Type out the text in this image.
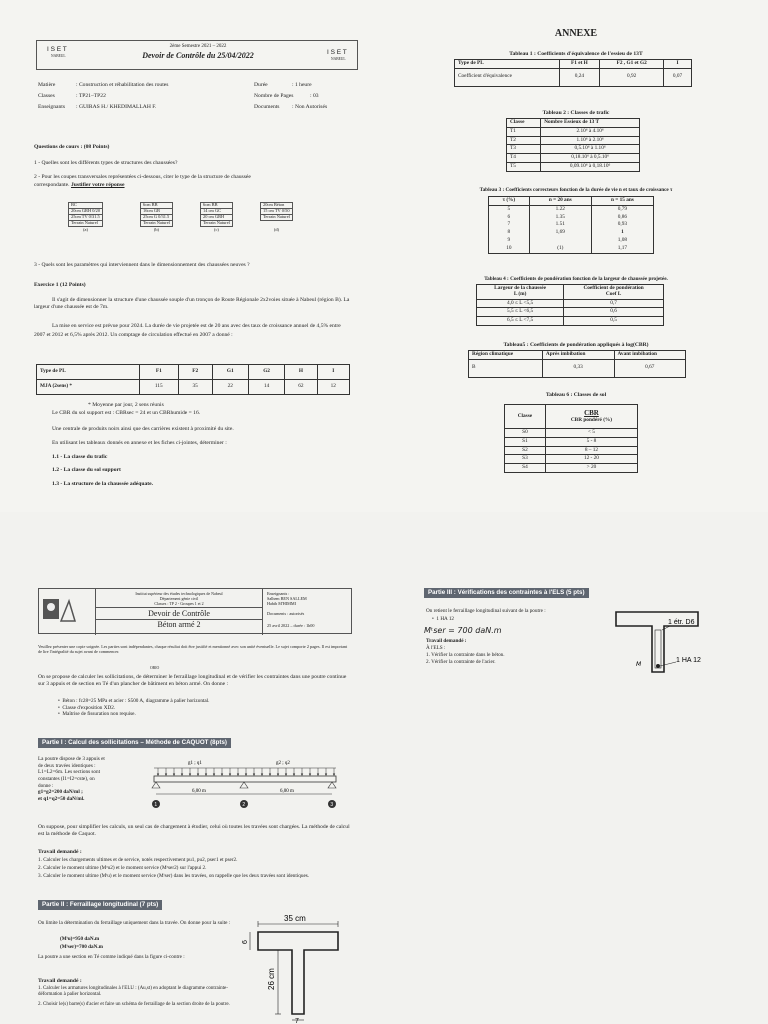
I S E T
NABEUL
2ème Semestre 2021 – 2022
Devoir de Contrôle du 25/04/2022	I S E T
NABEUL
Matière	: Construction et réhabilitation des routes
Classes	: TP21–TP22
Enseignants : GUIRAS H./ KHEDIMALLAH F.
Durée	: 1 heure
Nombre de Pages	: 03
Documents : Non Autorisés
Questions de cours : (08 Points)
1 - Quelles sont les différents types de structures des chaussées?
2 - Pour les coupes transversales représentées ci-dessous, citer le type de la structure de chaussée
correspondante. Justifier votre réponse
BC
20cm GRH 0/20
25cm TV 0/31.5
Terrain Naturel
(a)
6cm BB
16cm GB
25cm G 0/31.5
Terrain Naturel
(b)
6cm BB
14 cm GC
20 cm GRH
Terrain Naturel
(c)
20cm Béton
15 cm TV 0/50
Terrain Naturel
(d)
3 - Quels sont les paramètres qui interviennent dans le dimensionnement des chaussées neuves ?
Exercice 1 (12 Points)
Il s'agit de dimensionner la structure d'une chaussée souple d'un tronçon de Route Régionale 2x2voies située à Nabeul (région B). La largeur d'une chaussée est de 7m.
La mise en service est prévue pour 2024. La durée de vie projetée est de 20 ans avec des taux de croissance annuel de 4,5% entre 2007 et 2012 et 6,5% après 2012. Un comptage de circulation effectué en 2007 a donné :
Type de PL	F1	F2	G1	G2	H	I
MJA (2sens) *	115	35	22	14	62	12
* Moyenne par jour, 2 sens réunis
Le CBR du sol support est : CBRsec = 24 et un CBRhumide = 16.
Une centrale de produits noirs ainsi que des carrières existent à proximité du site.
En utilisant les tableaux donnés en annexe et les fiches ci-jointes, déterminer :
1.1 - La classe du trafic
1.2 - La classe du sol support
1.3 - La structure de la chaussée adéquate.
ANNEXE
Tableau 1 : Coefficients d'équivalence de l'essieu de 13T
Type de PL	F1 et H	F2 , G1 et G2	I
Coefficient d'équivalence	0,24	0,92	0,07
Tableau 2 : Classes de trafic
Classe	Nombre Essieux de 13 T
T1	2.10⁶ à 4.10⁶
T2	1.10⁶ à 2.10⁶
T3	0,5.10⁶ à 1.10⁶
T4	0,18.10⁶ à 0,5.10⁶
T5	0,09.10⁶ à 0,18.10⁶
Tableau 3 : Coefficients correcteurs fonction de la durée de vie n et taux de croissance τ
τ (%)	n = 20 ans	n = 15 ans
5	1.22	0,79
6	1.35	0,86
7	1.51	0,93
8	1,69	1
9		1,08
10	(1)	1,17
Tableau 4 : Coefficients de pondération fonction de la largeur de chaussée projetée.
Largeur de la chaussée
L (m)	Coefficient de pondération
Coef L
4,0 ≤ L <5,5	0,7
5,5 ≤ L <6,5	0,6
6,5 ≤ L <7,5	0,5
Tableau5 : Coefficients de pondération appliqués à log(CBR)
Région climatique	Après imbibation	Avant imbibation
B	0,33	0,67
Tableau 6 : Classes de sol
Classe	CBR
CBR pondéré (%)
S0	< 5
S1	5 - 8
S2	8 – 12
S3	12 - 20
S4	> 20
Institut supérieur des études technologiques de Nabeul
Département génie civil
Classes : TP 2 - Groupes 1 et 2
Devoir de Contrôle
Béton armé 2
Enseignants :
Salhem BEN SALLEM
Habib M'HIMMI
Documents : autorisés
25 avril 2022 – durée : 1h00
Veuillez présenter une copie soignée. Les parties sont indépendantes, chaque résultat doit être justifié et mentionné avec son unité éventuelle. Le sujet comporte 2 pages. Il est important de lire l'intégralité du sujet avant de commencer.
ORIO
On se propose de calculer les sollicitations, de déterminer le ferraillage longitudinal et de vérifier les contraintes dans une poutre continue sur 3 appuis et de section en Té d'un plancher de bâtiment en béton armé. On donne :
•  Béton : fc28=25 MPa et acier : S500 A, diagramme à palier horizontal.
•  Classe d'exposition XD2.
•  Maîtrise de fissuration non requise.
Partie I : Calcul des sollicitations – Méthode de CAQUOT (8pts)
La poutre dispose de 3 appuis et
de deux travées identiques :
L1=L2=6m. Les sections sont
constantes (I1=I2=cste), on
donne :
g1=g2=200 daN/ml ;
et q1=q2=50 daN/ml.
g1 ; q1	g2 ; q2
6,00 m	6,00 m
1	2	3
On suppose, pour simplifier les calculs, un seul cas de chargement à étudier, celui où toutes les travées sont chargées. La méthode de calcul est la méthode de Caquot.
Travail demandé :
1. Calculer les chargements ultimes et de service, notés respectivement pu1, pu2, pser1 et pser2.
2. Calculer le moment ultime (Mᵃu2) et le moment service (Mᵃser2) sur l'appui 2.
3. Calculer le moment ultime (Mᵗu) et le moment service (Mᵗser) dans les travées, on rappelle que les deux travées sont identiques.
Partie II : Ferraillage longitudinal (7 pts)
On limite la détermination du ferraillage uniquement dans la travée. On donne pour la suite :
(Mᵗu)=950 daN.m
(Mᵗser)=700 daN.m
La poutre a une section en Té comme indiqué dans la figure ci-contre :
Travail demandé :
1. Calculer les armatures longitudinales à l'ELU : (Au,st) en adoptant le diagramme contrainte-déformation à palier horizontal.
2. Choisir le(s) barre(s) d'acier et faire un schéma de ferraillage de la section droite de la poutre.
35 cm
26 cm
6
7
Partie III : Vérifications des contraintes à l'ELS (5 pts)
On retient le ferraillage longitudinal suivant de la poutre :
•  1 HA 12
Mᵗser = 700 daN.m
Travail demandé :
À l'ELS :
1. Vérifier la contrainte dans le béton.
2. Vérifier la contrainte de l'acier.
1 étr. D6
1 HA 12
M
